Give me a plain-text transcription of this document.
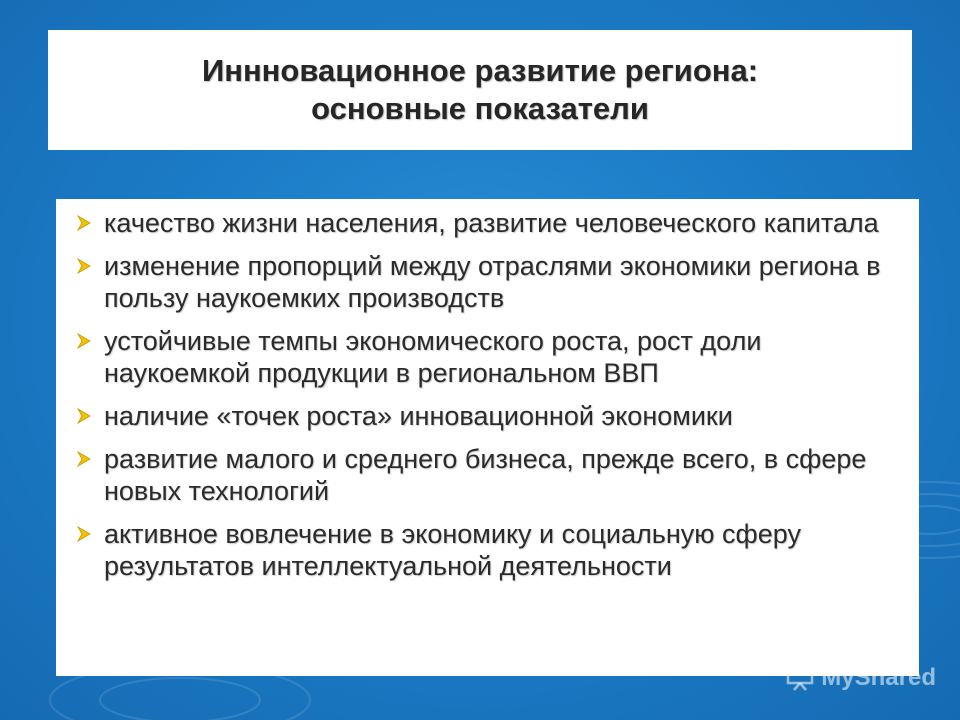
Иннновационное развитие региона:
основные показатели
качество жизни населения, развитие человеческого капитала
изменение пропорций между отраслями экономики региона в пользу наукоемких производств
устойчивые темпы экономического роста, рост доли наукоемкой продукции в региональном ВВП
наличие «точек роста» инновационной экономики
развитие малого и среднего бизнеса, прежде всего, в сфере новых технологий
активное вовлечение в экономику и социальную сферу результатов интеллектуальной деятельности
MyShared
